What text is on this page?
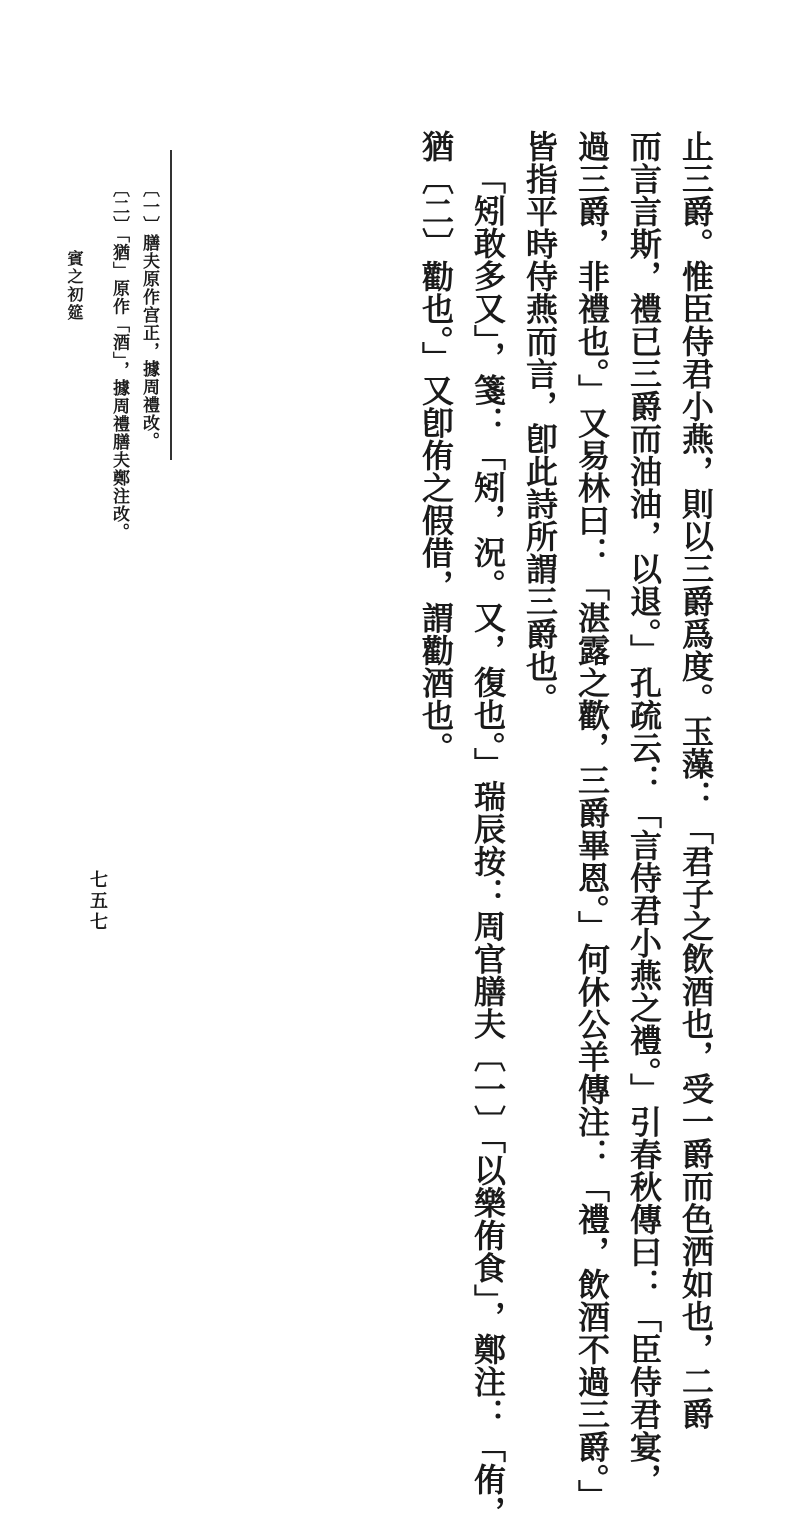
止三爵。惟臣侍君小燕，則以三爵爲度。玉藻：「君子之飲酒也，受一爵而色洒如也，二爵
而言言斯，禮已三爵而油油，以退。」孔疏云：「言侍君小燕之禮。」引春秋傳曰：「臣侍君宴，
過三爵，非禮也。」又易林曰：「湛露之歡，三爵畢恩。」何休公羊傳注：「禮，飲酒不過三爵。」
皆指平時侍燕而言，卽此詩所謂三爵也。
「矧敢多又」，箋：「矧，況。又，復也。」瑞辰按：周官膳夫〔一〕「以樂侑食」，鄭注：「侑，
猶〔二〕勸也。」又卽侑之假借，謂勸酒也。
〔一〕膳夫原作宫正，據周禮改。
〔二〕「猶」原作「酒」，據周禮膳夫鄭注改。
賓之初筵
七五七
